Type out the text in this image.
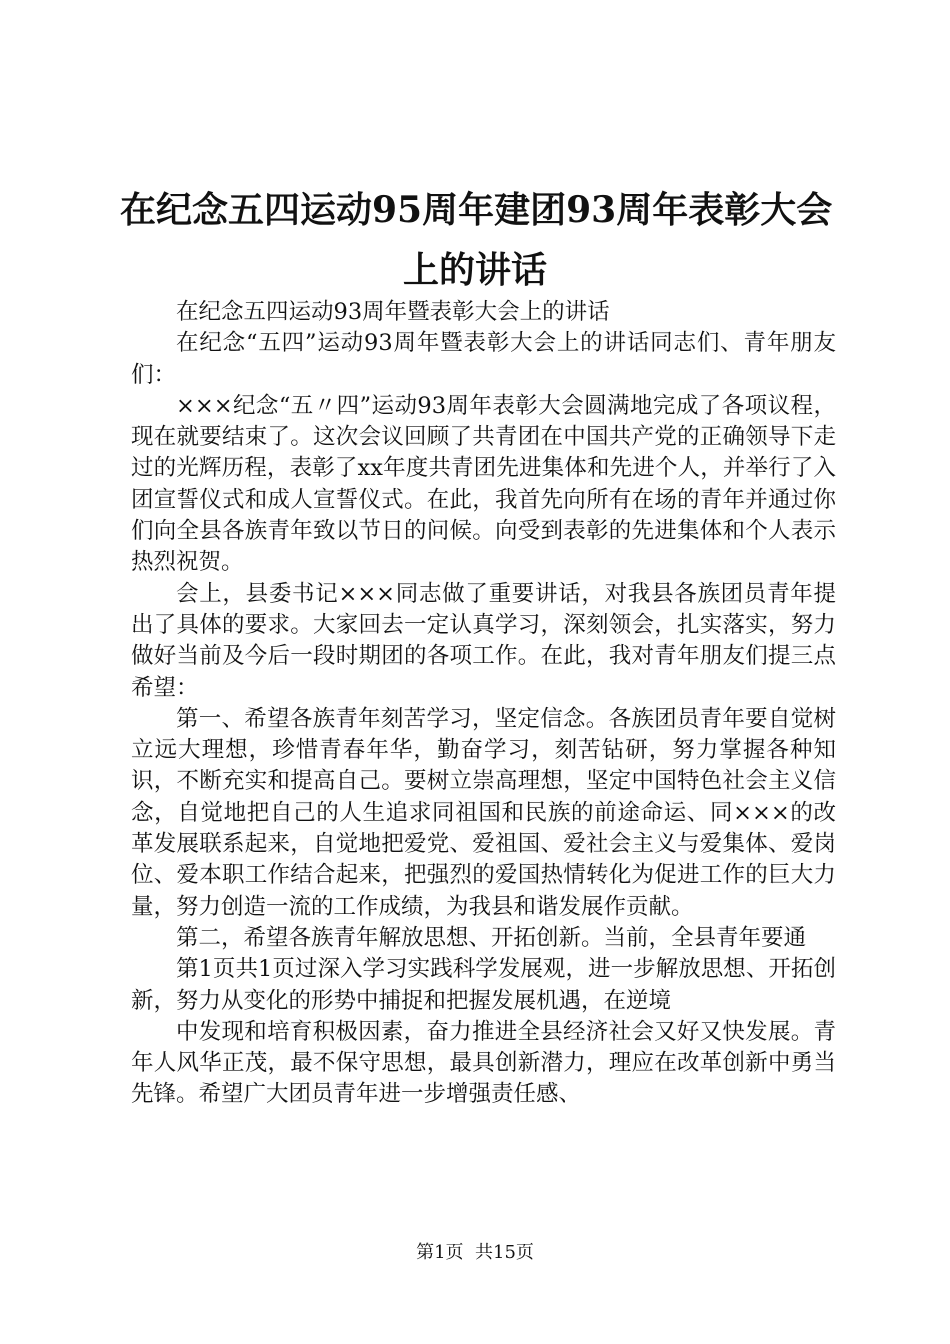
在纪念五四运动95周年建团93周年表彰大会
上的讲话

在纪念五四运动93周年暨表彰大会上的讲话

在纪念“五四”运动93周年暨表彰大会上的讲话同志们、青年朋友们：

×××纪念“五〃四”运动93周年表彰大会圆满地完成了各项议程，现在就要结束了。这次会议回顾了共青团在中国共产党的正确领导下走过的光辉历程，表彰了xx年度共青团先进集体和先进个人，并举行了入团宣誓仪式和成人宣誓仪式。在此，我首先向所有在场的青年并通过你们向全县各族青年致以节日的问候。向受到表彰的先进集体和个人表示热烈祝贺。

会上，县委书记×××同志做了重要讲话，对我县各族团员青年提出了具体的要求。大家回去一定认真学习，深刻领会，扎实落实，努力做好当前及今后一段时期团的各项工作。在此，我对青年朋友们提三点希望：

第一、希望各族青年刻苦学习，坚定信念。各族团员青年要自觉树立远大理想，珍惜青春年华，勤奋学习，刻苦钻研，努力掌握各种知识，不断充实和提高自己。要树立崇高理想，坚定中国特色社会主义信念，自觉地把自己的人生追求同祖国和民族的前途命运、同×××的改革发展联系起来，自觉地把爱党、爱祖国、爱社会主义与爱集体、爱岗位、爱本职工作结合起来，把强烈的爱国热情转化为促进工作的巨大力量，努力创造一流的工作成绩，为我县和谐发展作贡献。

第二，希望各族青年解放思想、开拓创新。当前，全县青年要通

第1页共1页过深入学习实践科学发展观，进一步解放思想、开拓创新，努力从变化的形势中捕捉和把握发展机遇，在逆境

中发现和培育积极因素，奋力推进全县经济社会又好又快发展。青年人风华正茂，最不保守思想，最具创新潜力，理应在改革创新中勇当先锋。希望广大团员青年进一步增强责任感、

第1页  共15页
